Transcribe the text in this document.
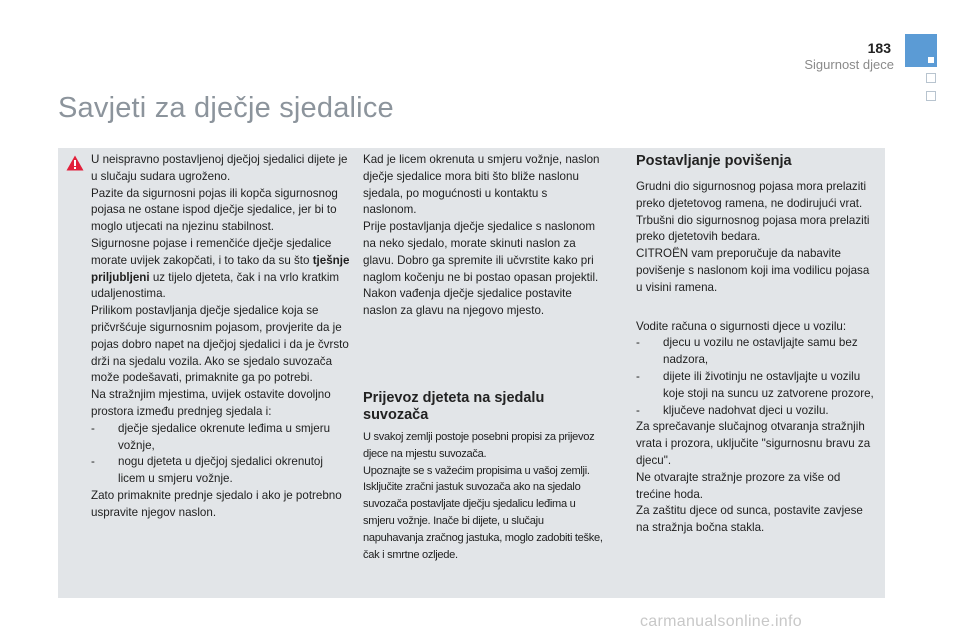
183
Sigurnost djece
Savjeti za dječje sjedalice

U neispravno postavljenoj dječjoj sjedalici dijete je u slučaju sudara ugroženo.

Pazite da sigurnosni pojas ili kopča sigurnosnog pojasa ne ostane ispod dječje sjedalice, jer bi to moglo utjecati na njezinu stabilnost.

Sigurnosne pojase i remenčiće dječje sjedalice morate uvijek zakopčati, i to tako da su što tješnje priljubljeni uz tijelo djeteta, čak i na vrlo kratkim udaljenostima.

Prilikom postavljanja dječje sjedalice koja se pričvršćuje sigurnosnim pojasom, provjerite da je pojas dobro napet na dječjoj sjedalici i da je čvrsto drži na sjedalu vozila. Ako se sjedalo suvozača može podešavati, primaknite ga po potrebi.

Na stražnjim mjestima, uvijek ostavite dovoljno prostora između prednjeg sjedala i:

- dječje sjedalice okrenute leđima u smjeru vožnje,

- nogu djeteta u dječjoj sjedalici okrenutoj licem u smjeru vožnje.

Zato primaknite prednje sjedalo i ako je potrebno uspravite njegov naslon.

Kad je licem okrenuta u smjeru vožnje, naslon dječje sjedalice mora biti što bliže naslonu sjedala, po mogućnosti u kontaktu s naslonom.

Prije postavljanja dječje sjedalice s naslonom na neko sjedalo, morate skinuti naslon za glavu. Dobro ga spremite ili učvrstite kako pri naglom kočenju ne bi postao opasan projektil. Nakon vađenja dječje sjedalice postavite naslon za glavu na njegovo mjesto.

Prijevoz djeteta na sjedalu suvozača

U svakoj zemlji postoje posebni propisi za prijevoz djece na mjestu suvozača.

Upoznajte se s važećim propisima u vašoj zemlji.

Isključite zračni jastuk suvozača ako na sjedalo suvozača postavljate dječju sjedalicu leđima u smjeru vožnje. Inače bi dijete, u slučaju napuhavanja zračnog jastuka, moglo zadobiti teške, čak i smrtne ozljede.

Postavljanje povišenja

Grudni dio sigurnosnog pojasa mora prelaziti preko djetetovog ramena, ne dodirujući vrat.

Trbušni dio sigurnosnog pojasa mora prelaziti preko djetetovih bedara.

CITROËN vam preporučuje da nabavite povišenje s naslonom koji ima vodilicu pojasa u visini ramena.

Vodite računa o sigurnosti djece u vozilu:

- djecu u vozilu ne ostavljajte samu bez nadzora,

- dijete ili životinju ne ostavljajte u vozilu koje stoji na suncu uz zatvorene prozore,

- ključeve nadohvat djeci u vozilu.

Za sprečavanje slučajnog otvaranja stražnjih vrata i prozora, uključite "sigurnosnu bravu za djecu".

Ne otvarajte stražnje prozore za više od trećine hoda.

Za zaštitu djece od sunca, postavite zavjese na stražnja bočna stakla.

carmanualsonline.info
